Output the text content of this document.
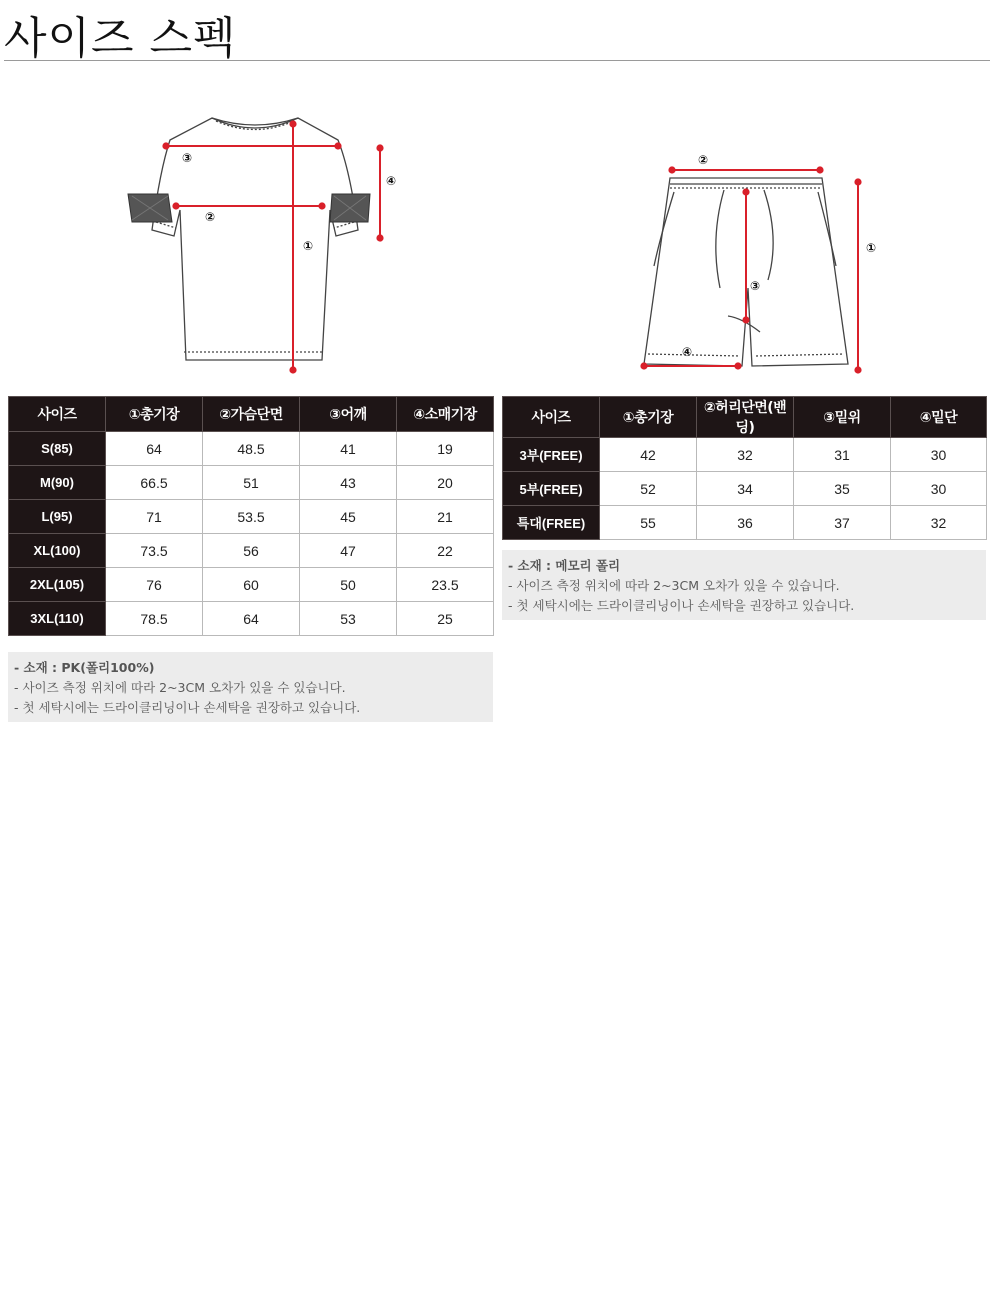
사이즈 스펙
①
②
③
④
①
②
③
④
사이즈	①총기장	②가슴단면	③어깨	④소매기장
S(85)	64	48.5	41	19
M(90)	66.5	51	43	20
L(95)	71	53.5	45	21
XL(100)	73.5	56	47	22
2XL(105)	76	60	50	23.5
3XL(110)	78.5	64	53	25
사이즈	①총기장	②허리단면(밴딩)	③밑위	④밑단
3부(FREE)	42	32	31	30
5부(FREE)	52	34	35	30
특대(FREE)	55	36	37	32
- 소재 : PK(폴리100%)
- 사이즈 측정 위치에 따라 2~3CM 오차가 있을 수 있습니다.
- 첫 세탁시에는 드라이클리닝이나 손세탁을 권장하고 있습니다.
- 소재 : 메모리 폴리
- 사이즈 측정 위치에 따라 2~3CM 오차가 있을 수 있습니다.
- 첫 세탁시에는 드라이클리닝이나 손세탁을 권장하고 있습니다.
